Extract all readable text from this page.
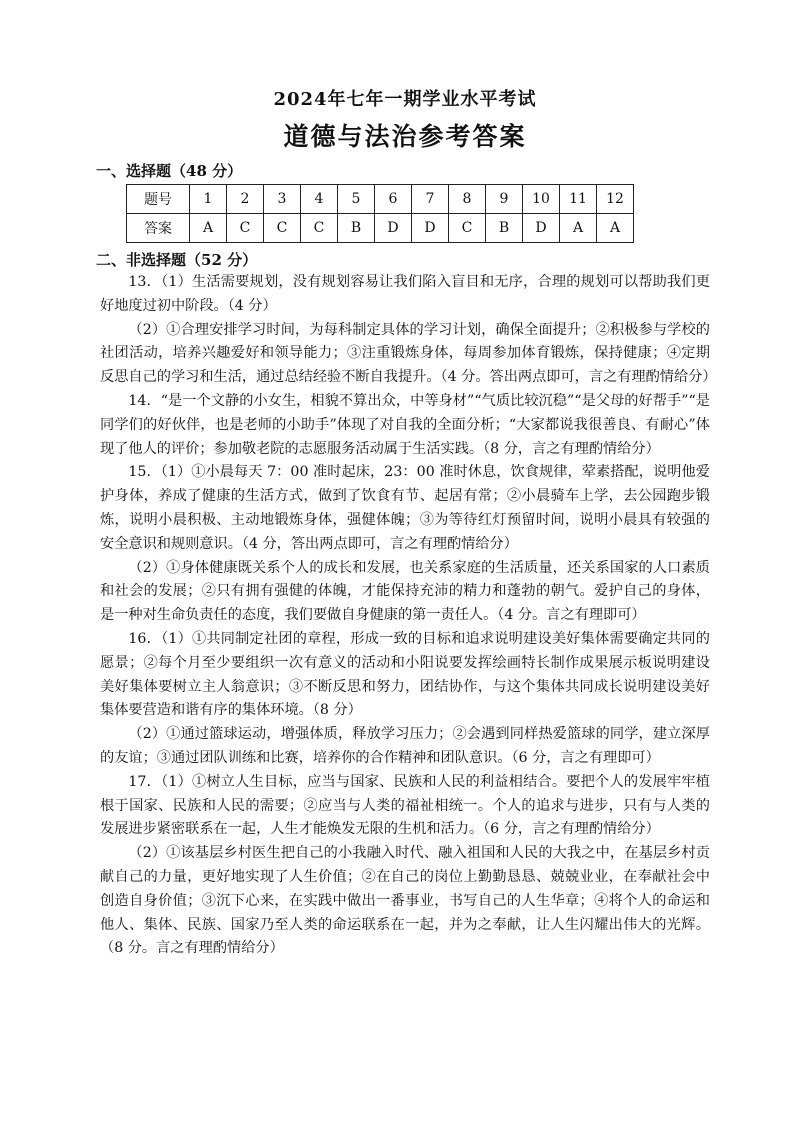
2024年七年一期学业水平考试
道德与法治参考答案
一、选择题（48 分）
题号	1	2	3	4	5	6	7	8	9	10	11	12
答案	A	C	C	C	B	D	D	C	B	D	A	A
二、非选择题（52 分）

13．（1）生活需要规划，没有规划容易让我们陷入盲目和无序，合理的规划可以帮助我们更好地度过初中阶段。（4 分）

（2）①合理安排学习时间，为每科制定具体的学习计划，确保全面提升；②积极参与学校的社团活动，培养兴趣爱好和领导能力；③注重锻炼身体，每周参加体育锻炼，保持健康；④定期反思自己的学习和生活，通过总结经验不断自我提升。（4 分。答出两点即可，言之有理酌情给分）

14．“是一个文静的小女生，相貌不算出众，中等身材”“气质比较沉稳”“是父母的好帮手”“是同学们的好伙伴，也是老师的小助手”体现了对自我的全面分析；“大家都说我很善良、有耐心”体现了他人的评价；参加敬老院的志愿服务活动属于生活实践。（8 分，言之有理酌情给分）

15．（1）①小晨每天 7：00 准时起床，23：00 准时休息，饮食规律，荤素搭配，说明他爱护身体，养成了健康的生活方式，做到了饮食有节、起居有常；②小晨骑车上学，去公园跑步锻炼，说明小晨积极、主动地锻炼身体，强健体魄；③为等待红灯预留时间，说明小晨具有较强的安全意识和规则意识。（4 分，答出两点即可，言之有理酌情给分）

（2）①身体健康既关系个人的成长和发展，也关系家庭的生活质量，还关系国家的人口素质和社会的发展；②只有拥有强健的体魄，才能保持充沛的精力和蓬勃的朝气。爱护自己的身体，是一种对生命负责任的态度，我们要做自身健康的第一责任人。（4 分。言之有理即可）

16．（1）①共同制定社团的章程，形成一致的目标和追求说明建设美好集体需要确定共同的愿景；②每个月至少要组织一次有意义的活动和小阳说要发挥绘画特长制作成果展示板说明建设美好集体要树立主人翁意识；③不断反思和努力，团结协作，与这个集体共同成长说明建设美好集体要营造和谐有序的集体环境。（8 分）

（2）①通过篮球运动，增强体质，释放学习压力；②会遇到同样热爱篮球的同学，建立深厚的友谊；③通过团队训练和比赛，培养你的合作精神和团队意识。（6 分，言之有理即可）

17．（1）①树立人生目标，应当与国家、民族和人民的利益相结合。要把个人的发展牢牢植根于国家、民族和人民的需要；②应当与人类的福祉相统一。个人的追求与进步，只有与人类的发展进步紧密联系在一起，人生才能焕发无限的生机和活力。（6 分，言之有理酌情给分）

（2）①该基层乡村医生把自己的小我融入时代、融入祖国和人民的大我之中，在基层乡村贡献自己的力量，更好地实现了人生价值；②在自己的岗位上勤勤恳恳、兢兢业业，在奉献社会中创造自身价值；③沉下心来，在实践中做出一番事业，书写自己的人生华章；④将个人的命运和他人、集体、民族、国家乃至人类的命运联系在一起，并为之奉献，让人生闪耀出伟大的光辉。（8 分。言之有理酌情给分）
